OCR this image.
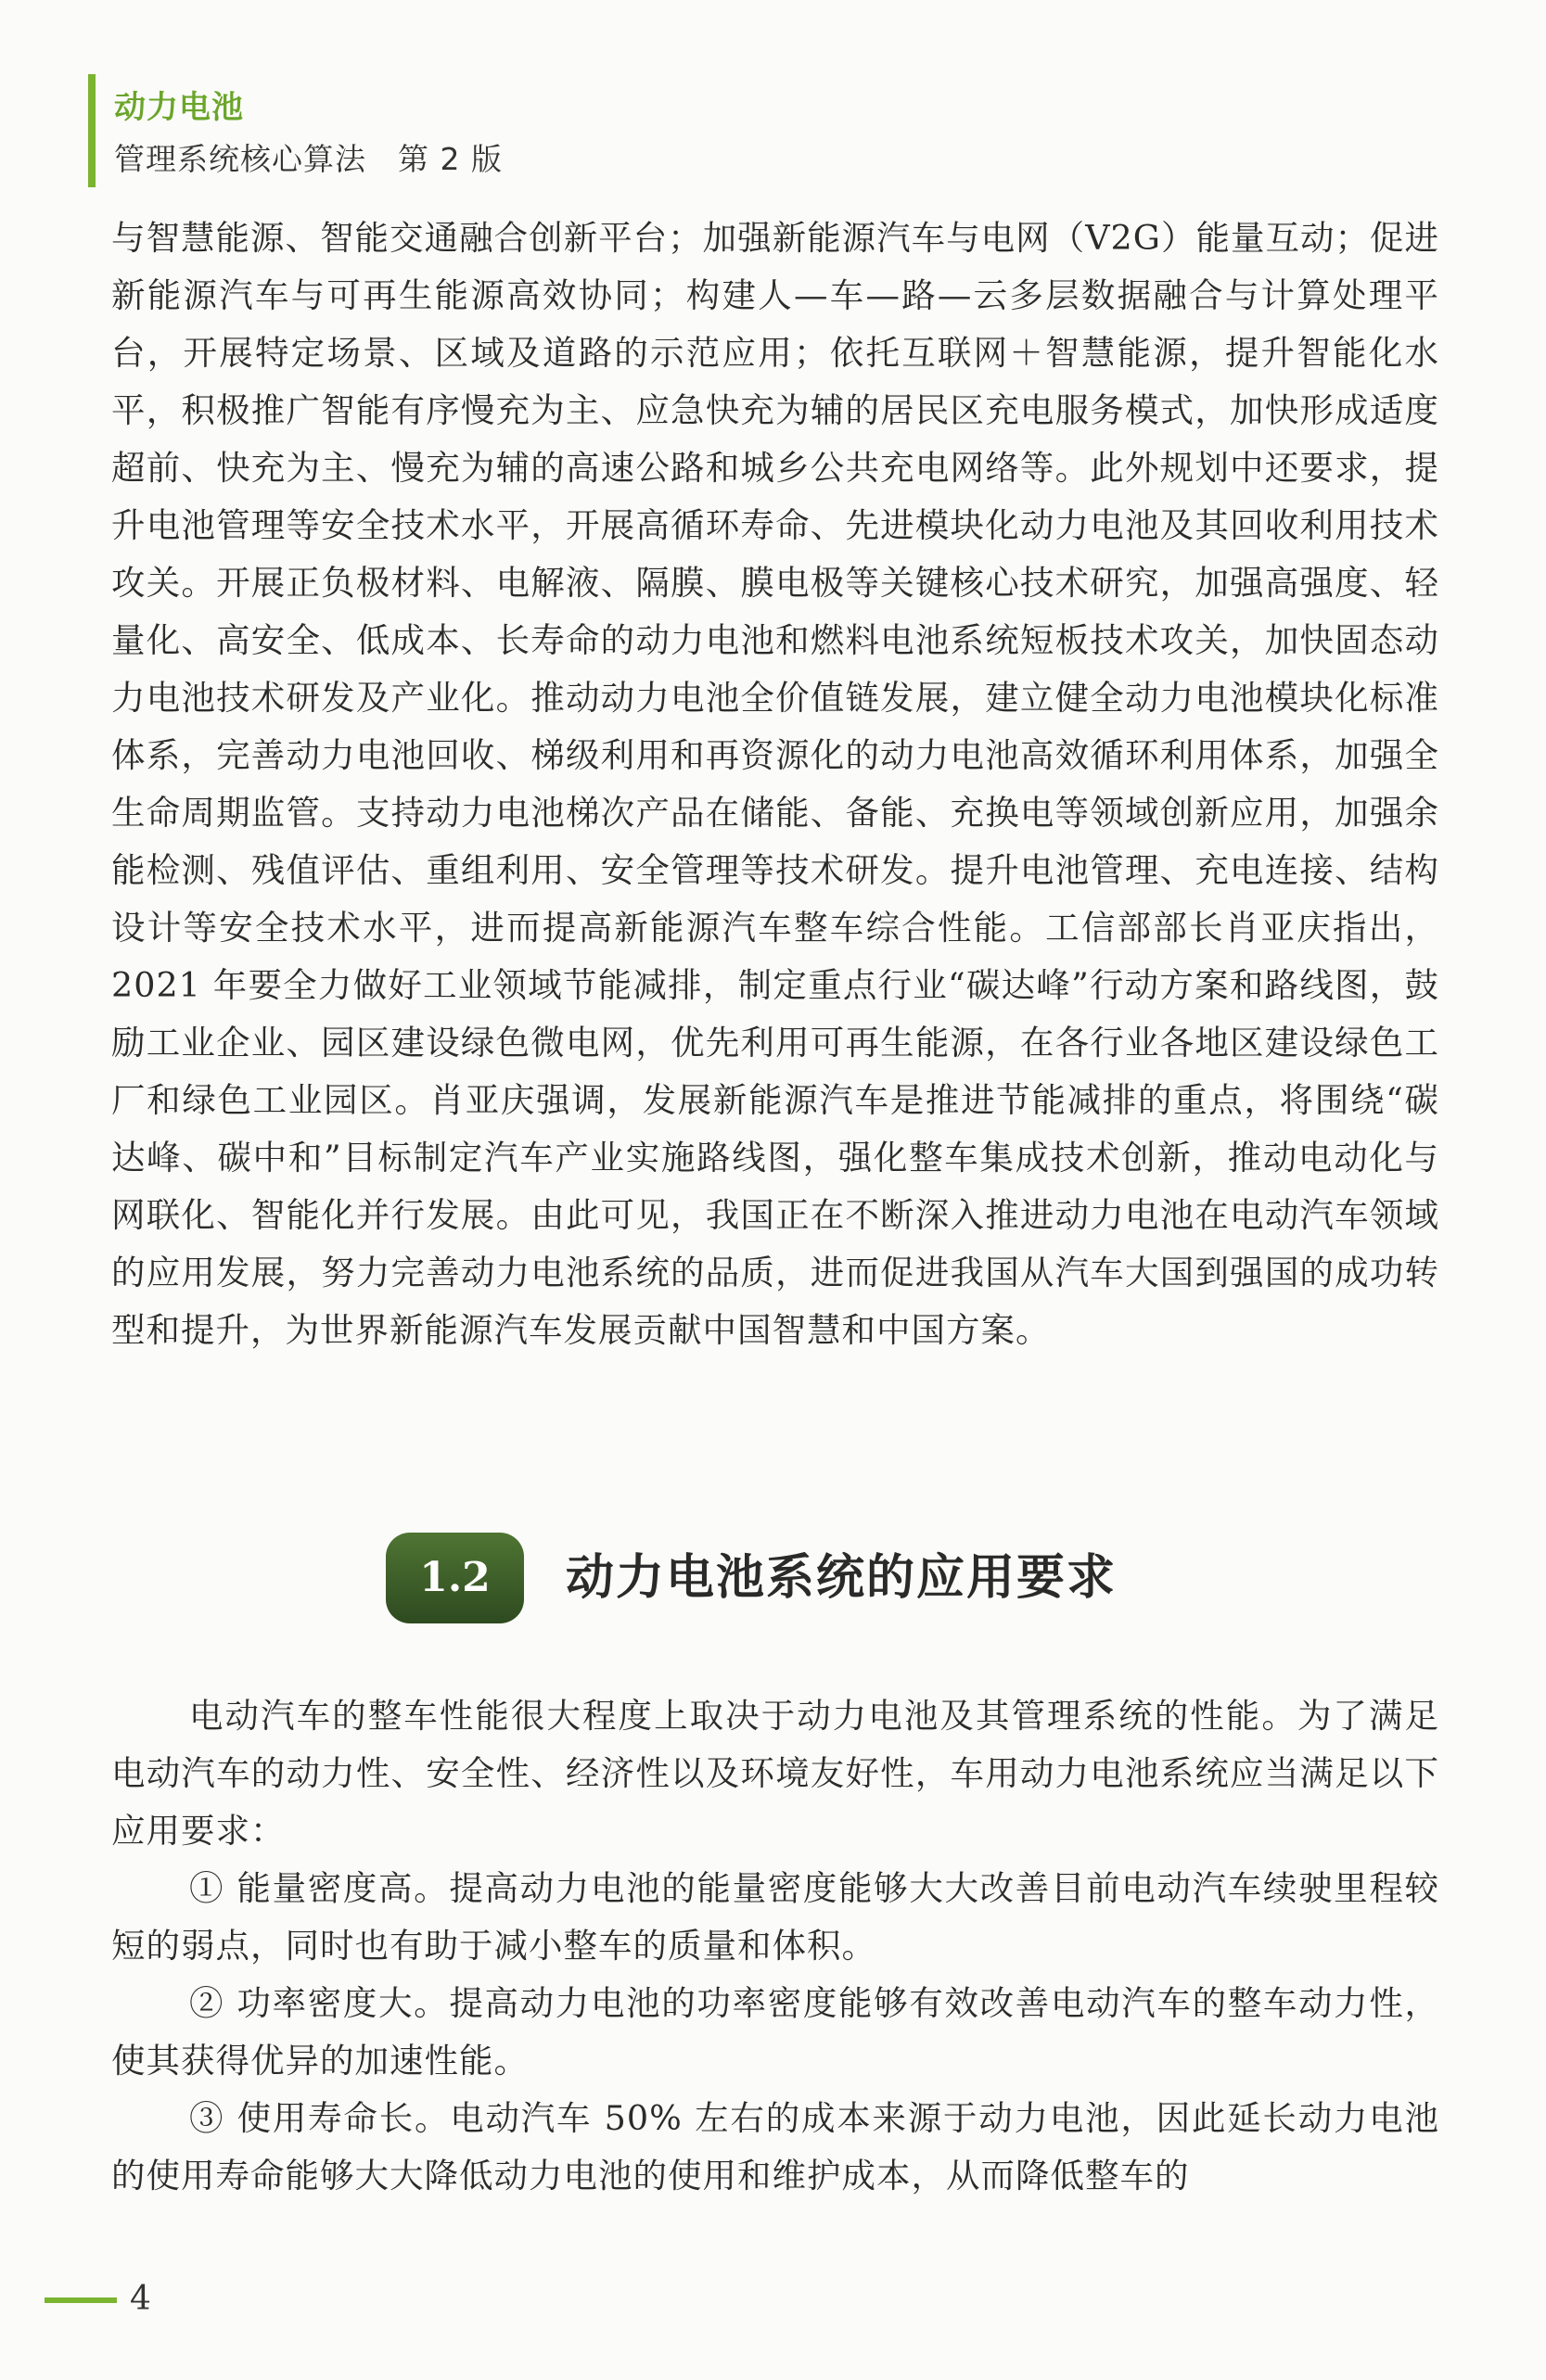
动力电池
管理系统核心算法　第 2 版

与智慧能源、智能交通融合创新平台；加强新能源汽车与电网（V2G）能量互动；促进新能源汽车与可再生能源高效协同；构建人—车—路—云多层数据融合与计算处理平台，开展特定场景、区域及道路的示范应用；依托互联网＋智慧能源，提升智能化水平，积极推广智能有序慢充为主、应急快充为辅的居民区充电服务模式，加快形成适度超前、快充为主、慢充为辅的高速公路和城乡公共充电网络等。此外规划中还要求，提升电池管理等安全技术水平，开展高循环寿命、先进模块化动力电池及其回收利用技术攻关。开展正负极材料、电解液、隔膜、膜电极等关键核心技术研究，加强高强度、轻量化、高安全、低成本、长寿命的动力电池和燃料电池系统短板技术攻关，加快固态动力电池技术研发及产业化。推动动力电池全价值链发展，建立健全动力电池模块化标准体系，完善动力电池回收、梯级利用和再资源化的动力电池高效循环利用体系，加强全生命周期监管。支持动力电池梯次产品在储能、备能、充换电等领域创新应用，加强余能检测、残值评估、重组利用、安全管理等技术研发。提升电池管理、充电连接、结构设计等安全技术水平，进而提高新能源汽车整车综合性能。工信部部长肖亚庆指出，2021 年要全力做好工业领域节能减排，制定重点行业“碳达峰”行动方案和路线图，鼓励工业企业、园区建设绿色微电网，优先利用可再生能源，在各行业各地区建设绿色工厂和绿色工业园区。肖亚庆强调，发展新能源汽车是推进节能减排的重点，将围绕“碳达峰、碳中和”目标制定汽车产业实施路线图，强化整车集成技术创新，推动电动化与网联化、智能化并行发展。由此可见，我国正在不断深入推进动力电池在电动汽车领域的应用发展，努力完善动力电池系统的品质，进而促进我国从汽车大国到强国的成功转型和提升，为世界新能源汽车发展贡献中国智慧和中国方案。

1.2	动力电池系统的应用要求

电动汽车的整车性能很大程度上取决于动力电池及其管理系统的性能。为了满足电动汽车的动力性、安全性、经济性以及环境友好性，车用动力电池系统应当满足以下应用要求：

① 能量密度高。提高动力电池的能量密度能够大大改善目前电动汽车续驶里程较短的弱点，同时也有助于减小整车的质量和体积。

② 功率密度大。提高动力电池的功率密度能够有效改善电动汽车的整车动力性，使其获得优异的加速性能。

③ 使用寿命长。电动汽车 50% 左右的成本来源于动力电池，因此延长动力电池的使用寿命能够大大降低动力电池的使用和维护成本，从而降低整车的

4
